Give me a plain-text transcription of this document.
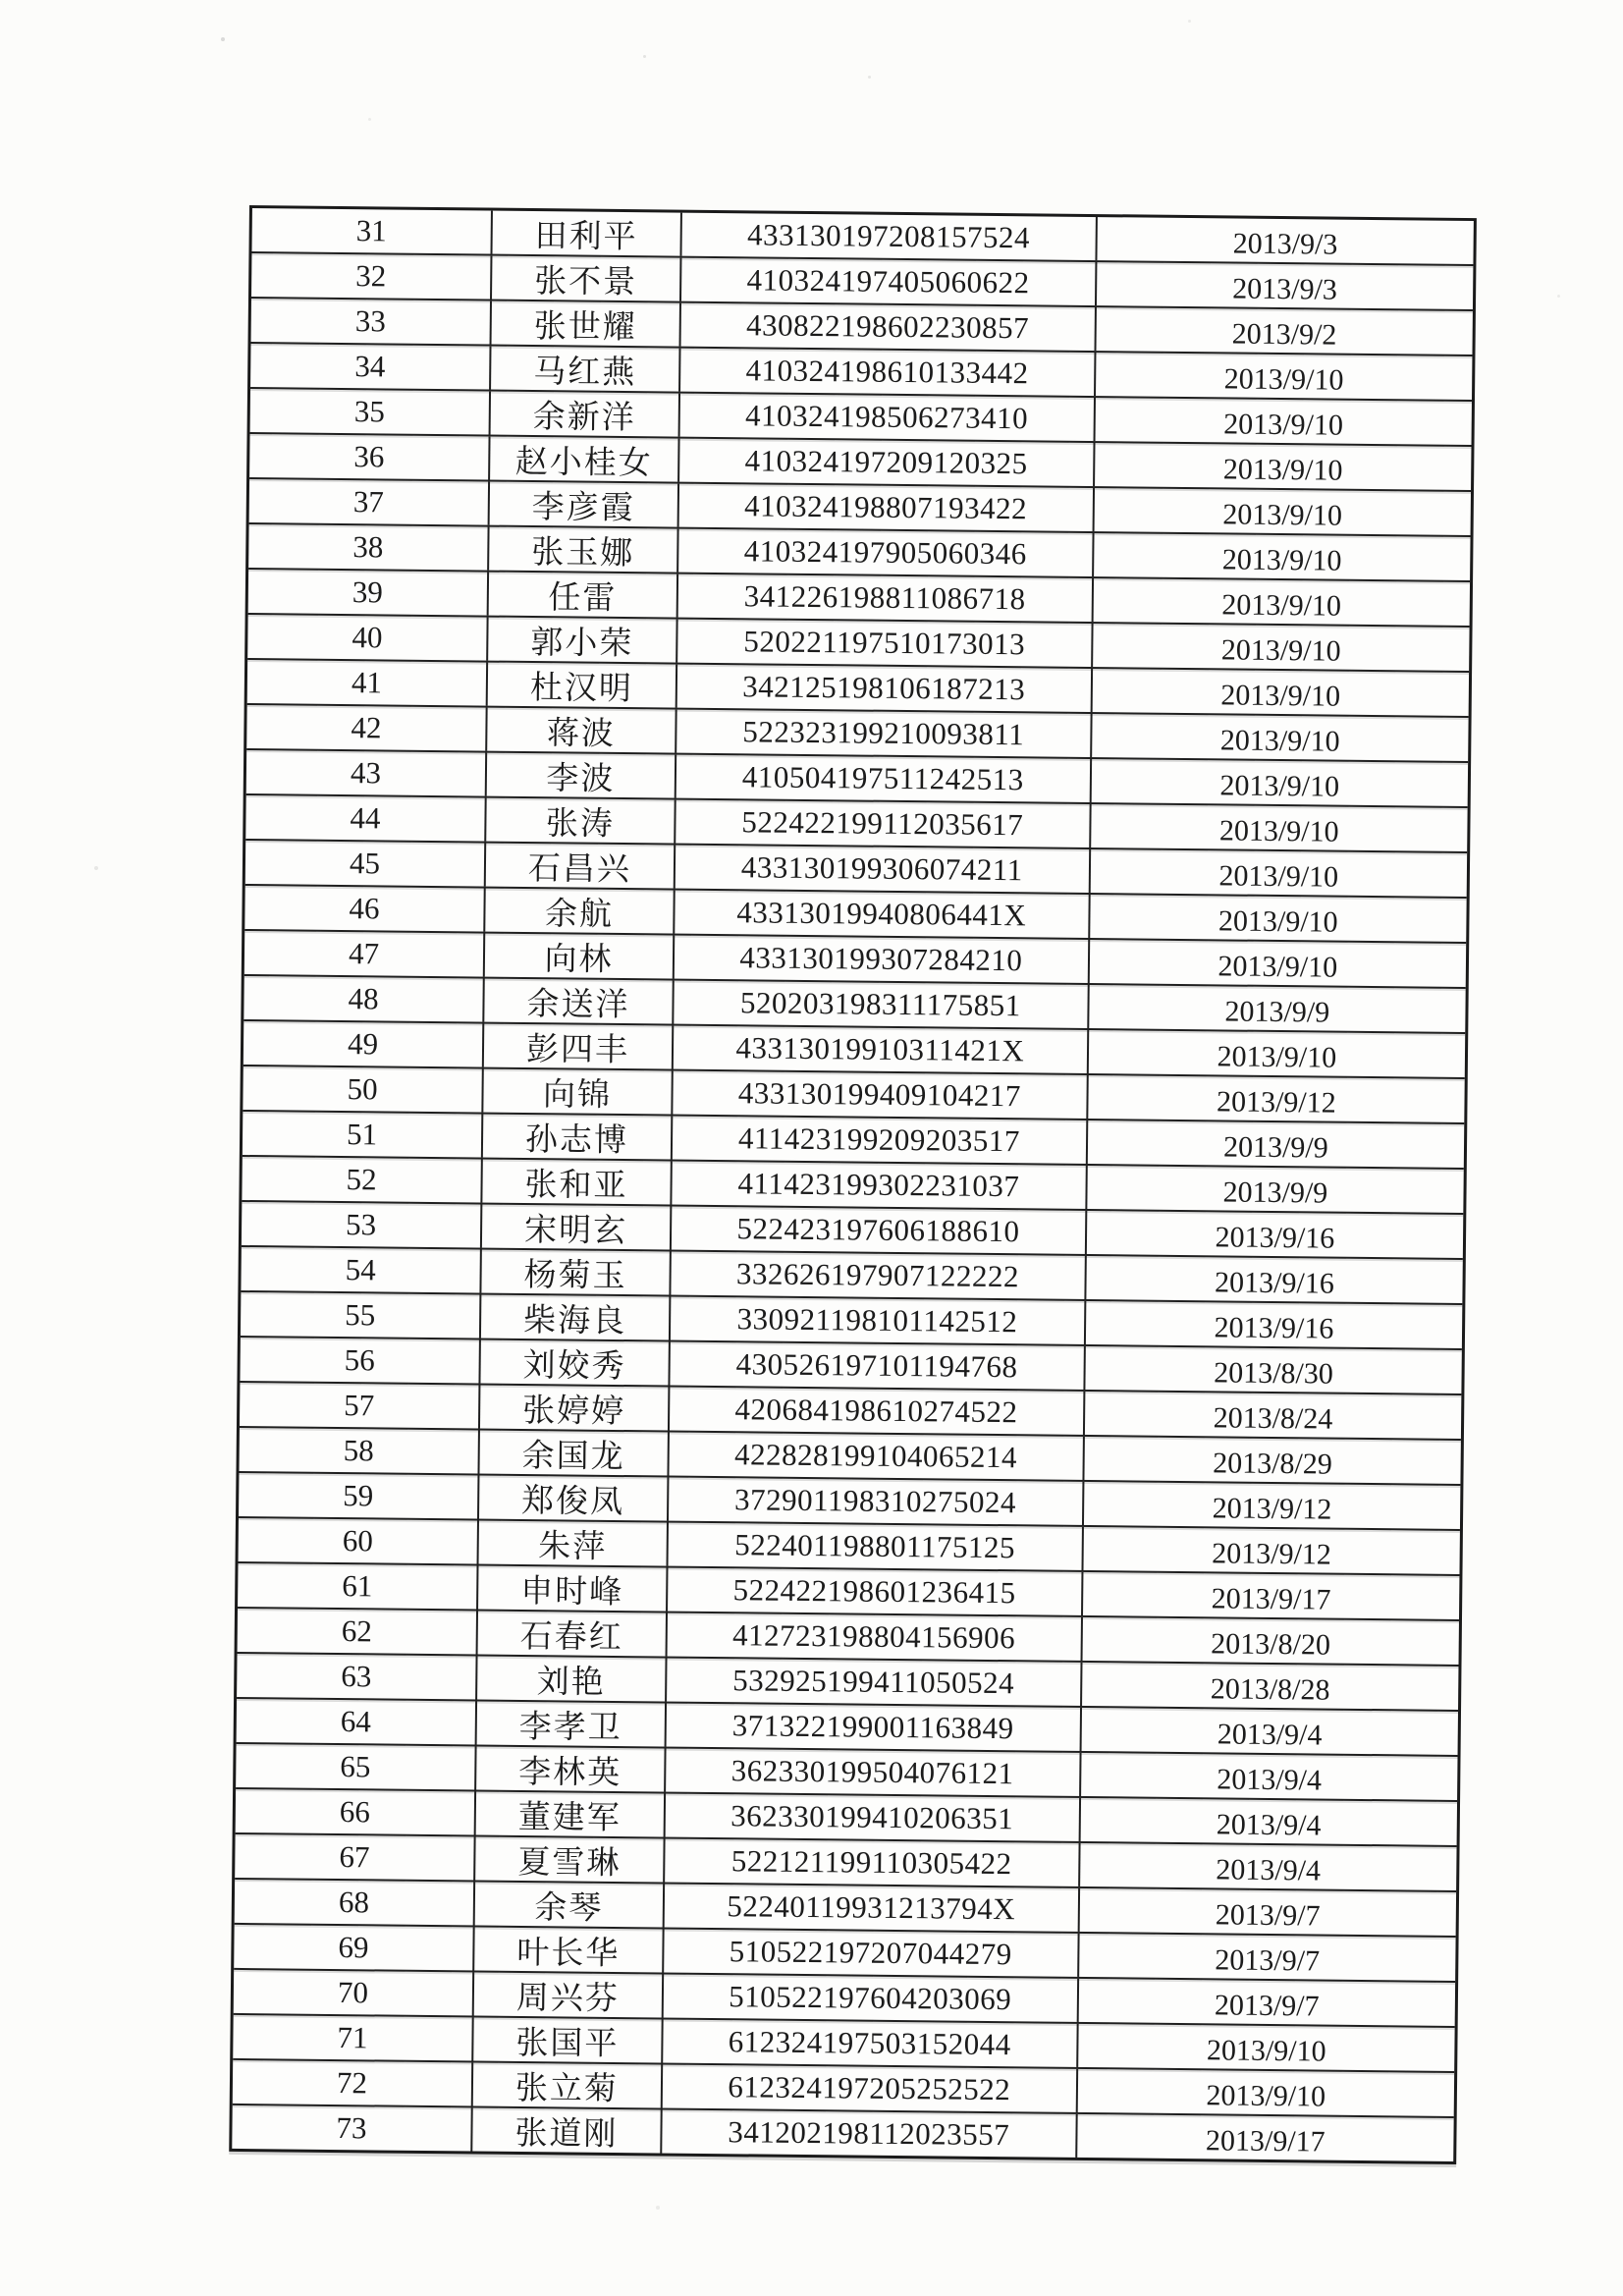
31	田利平	433130197208157524	2013/9/3
32	张不景	410324197405060622	2013/9/3
33	张世耀	430822198602230857	2013/9/2
34	马红燕	410324198610133442	2013/9/10
35	余新洋	410324198506273410	2013/9/10
36	赵小桂女	410324197209120325	2013/9/10
37	李彦霞	410324198807193422	2013/9/10
38	张玉娜	410324197905060346	2013/9/10
39	任雷	341226198811086718	2013/9/10
40	郭小荣	520221197510173013	2013/9/10
41	杜汉明	342125198106187213	2013/9/10
42	蒋波	522323199210093811	2013/9/10
43	李波	410504197511242513	2013/9/10
44	张涛	522422199112035617	2013/9/10
45	石昌兴	433130199306074211	2013/9/10
46	余航	43313019940806441X	2013/9/10
47	向林	433130199307284210	2013/9/10
48	余送洋	520203198311175851	2013/9/9
49	彭四丰	43313019910311421X	2013/9/10
50	向锦	433130199409104217	2013/9/12
51	孙志博	411423199209203517	2013/9/9
52	张和亚	411423199302231037	2013/9/9
53	宋明玄	522423197606188610	2013/9/16
54	杨菊玉	332626197907122222	2013/9/16
55	柴海良	330921198101142512	2013/9/16
56	刘姣秀	430526197101194768	2013/8/30
57	张婷婷	420684198610274522	2013/8/24
58	余国龙	422828199104065214	2013/8/29
59	郑俊凤	372901198310275024	2013/9/12
60	朱萍	522401198801175125	2013/9/12
61	申时峰	522422198601236415	2013/9/17
62	石春红	412723198804156906	2013/8/20
63	刘艳	532925199411050524	2013/8/28
64	李孝卫	371322199001163849	2013/9/4
65	李林英	362330199504076121	2013/9/4
66	董建军	362330199410206351	2013/9/4
67	夏雪琳	522121199110305422	2013/9/4
68	余琴	52240119931213794X	2013/9/7
69	叶长华	510522197207044279	2013/9/7
70	周兴芬	510522197604203069	2013/9/7
71	张国平	612324197503152044	2013/9/10
72	张立菊	612324197205252522	2013/9/10
73	张道刚	341202198112023557	2013/9/17
